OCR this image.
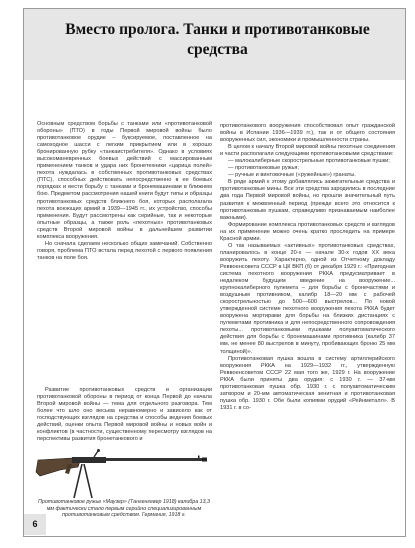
Вместо пролога. Танки и противотанковые средства

Основным средством борьбы с танками или «противотанковой обороны» (ПТО) в годы Первой мировой войны было противотанковое орудие – буксируемое, поставленное на самоходное шасси с легким прикрытием или в хорошо бронированную рубку «танкаистребителя». Однако в условиях высокоманевренных боевых действий с массированным применением танков и удара них бронетехники «царица полей» пехота нуждалась в собственных противотанковых средствах (ПТС), способных действовать непосредственно в ее боевых порядках и вести борьбу с танками и бронемашинами в ближнем бою. Предметом рассмотрения нашей книги будут типы и образцы противотанковых средств ближнего боя, которых располагала пехота воюющих армий в 1939—1945 гг., их устройство, способы применения. Будут рассмотрены как серийные, так и некоторые опытные образцы, а также роль «пехотных» противотанковых средств Второй мировой войны в дальнейшем развитии комплекса вооружения.

Но сначала сделаем несколько общих замечаний. Собственно говоря, проблема ПТО встала перед пехотой с первого появления танков на поле боя.

Развитие противотанковых средств и организации противотанковой обороны в период от конца Первой до начала Второй мировой войны — тема для отдельного разговора. Тем более что шло оно весьма неравномерно и зависело как от господствующих взглядов на средства и способы ведения боевых действий, оценки опыта Первой мировой войны и новых войн и конфликтов (в частности, существенному пересмотру взглядов на перспективы развития бронетанкового и

Противотанковое ружье «Маузер» (Тангенгевер 1918) калибра 13,3 мм фактически стало первым серийно специализированным противотанковым средством. Германия, 1918 г.

противотанкового вооружения способствовал опыт гражданской войны в Испании 1936—1939 гг.), так и от общего состояния вооруженных сил, экономики и промышленности страны.

В целом к началу Второй мировой войны пехотные соединения и части располагали следующими противотанковыми средствами:

— малокалиберные скорострельные противотанковые пушки;

— противотанковые ружья;

— ручные и винтовочные («ружейные») гранаты.

В ряде армий к этому добавлялись зажигательные средства и противотанковые мины. Все эти средства зародились в последние два года Первой мировой войны, но прошли значительный путь развития к межвоенный период (прежде всего это относится к противотанковым пушкам, справедливо признаваемым наиболее важными).

Формирование комплекса противотанковых средств и взглядов на их применение можно очень кратко проследить на примере Красной армии.

О так называемых «активных» противотанковых средствах, планировалось в конце 20-х — начале 30-х годов XX века вооружить пехоту. Характерно, одной из Отчетному докладу Реввоенсовета СССР в ЦК ВКП (б) от декабря 1929 г.: «Пригодная система пехотного вооружения РККА предусматривает в недалеком будущем введение на вооружение... крупнокалиберного пулемета – для борьбы с бронечастями и воздушным противником, калибр 18—20 мм с рабочей скорострельностью до 500—600 выстрелов... По новой утвержденной системе пехотного вооружения пехота РККА будет вооружена мортирами для борьбы на близких дистанциях с пулеметами противника и для непосредственного сопровождения пехоты... противотанковыми пушками полуавтоматического действия для борьбы с бронемашинами противника (калибр 37 мм, не менее 80 выстрелов в минуту, пробивающих броню 25 мм толщиной)».

Противотанковая пушка вошла в систему артиллерийского вооружения РККА на 1929—1932 гг., утвержденную Реввоенсоветом СССР 22 мая того же, 1929 г. На вооружение РККА были приняты два орудия: с 1930 г. — 37-мм противотанковая пушка обр. 1930 г. с полуавтоматическим затвором и 20-мм автоматическая зенитная и противотанковая пушка обр. 1930 г. Обе были копиями орудий «Рейнметалл». В 1931 г. в со-

6
